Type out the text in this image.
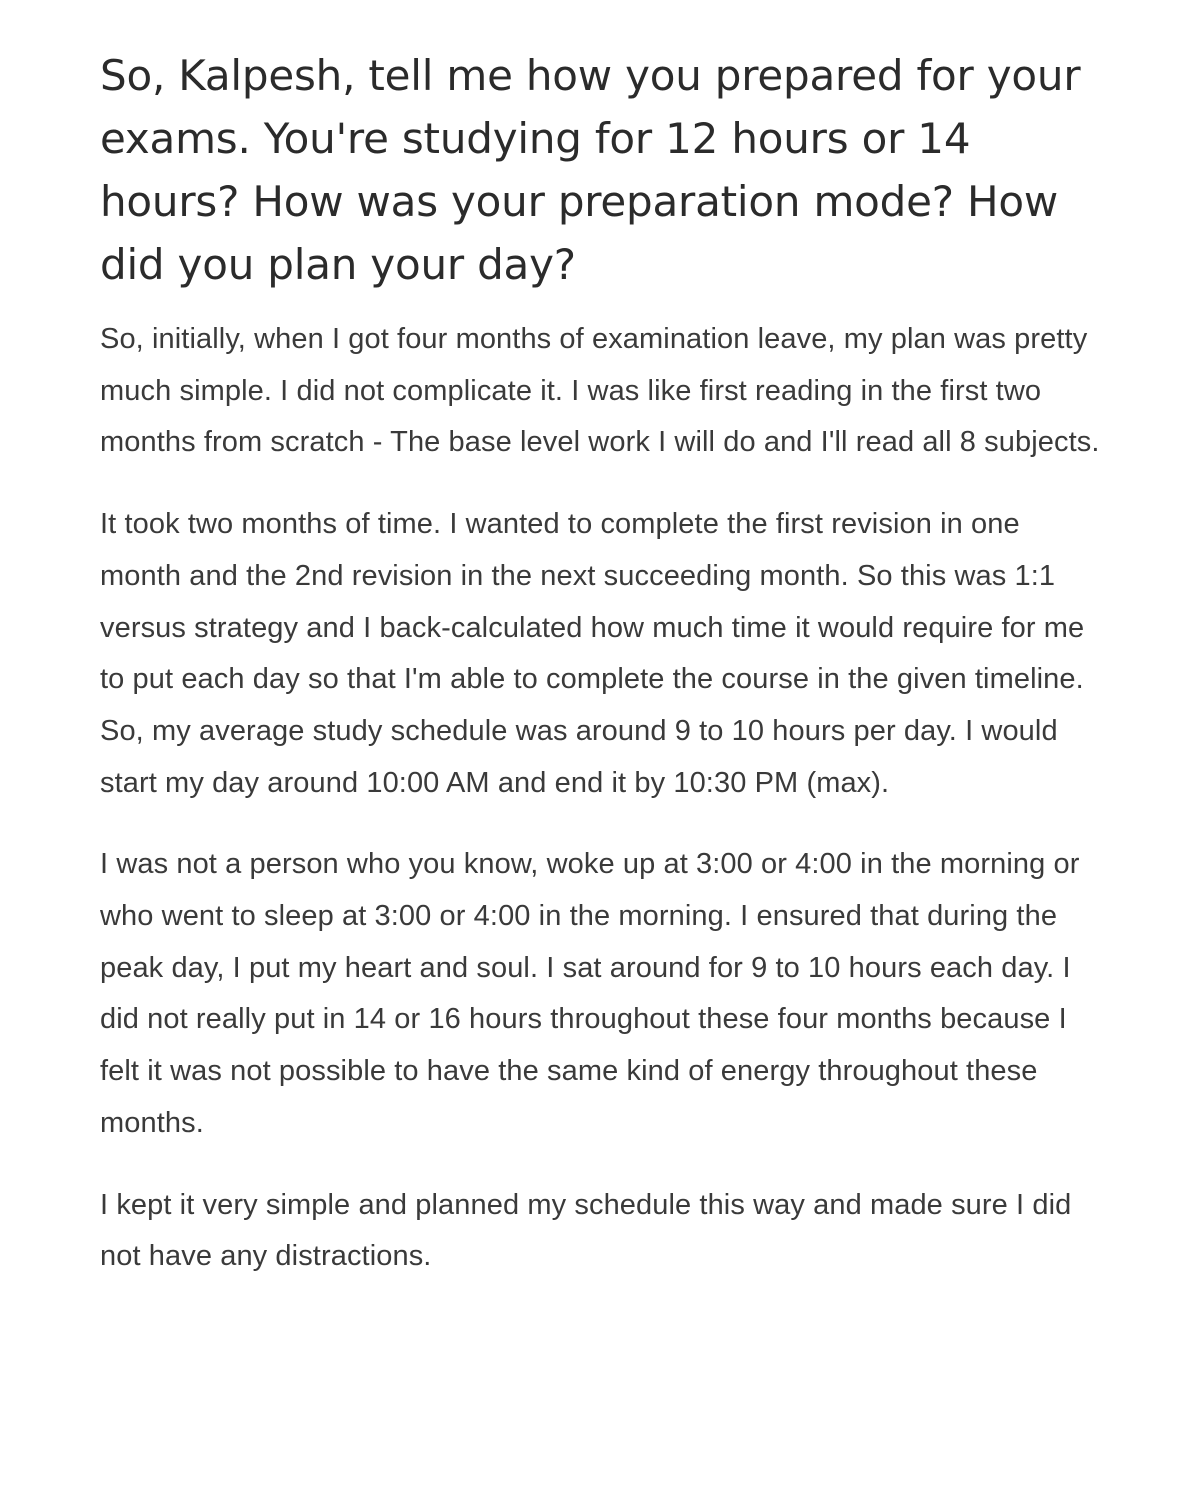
So, Kalpesh, tell me how you prepared for your exams. You're studying for 12 hours or 14 hours? How was your preparation mode? How did you plan your day?

So, initially, when I got four months of examination leave, my plan was pretty much simple. I did not complicate it. I was like first reading in the first two months from scratch - The base level work I will do and I'll read all 8 subjects.

It took two months of time. I wanted to complete the first revision in one month and the 2nd revision in the next succeeding month. So this was 1:1 versus strategy and I back-calculated how much time it would require for me to put each day so that I'm able to complete the course in the given timeline. So, my average study schedule was around 9 to 10 hours per day. I would start my day around 10:00 AM and end it by 10:30 PM (max).

I was not a person who you know, woke up at 3:00 or 4:00 in the morning or who went to sleep at 3:00 or 4:00 in the morning. I ensured that during the peak day, I put my heart and soul. I sat around for 9 to 10 hours each day. I did not really put in 14 or 16 hours throughout these four months because I felt it was not possible to have the same kind of energy throughout these months.

I kept it very simple and planned my schedule this way and made sure I did not have any distractions.
